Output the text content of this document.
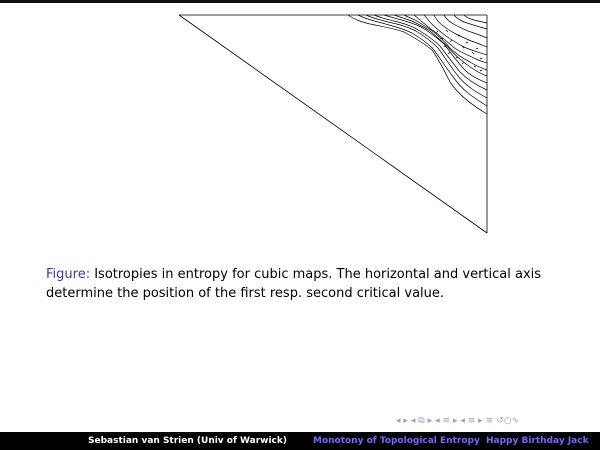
Figure: Isotropies in entropy for cubic maps. The horizontal and vertical axis determine the position of the first resp. second critical value.
◂ ▸ ◂ ⧉ ▸ ◂ ≡ ▸ ◂ ≡ ▸ ≡ ↺○∿
Sebastian van Strien (Univ of Warwick)	Monotony of Topological Entropy Happy Birthday Jack
